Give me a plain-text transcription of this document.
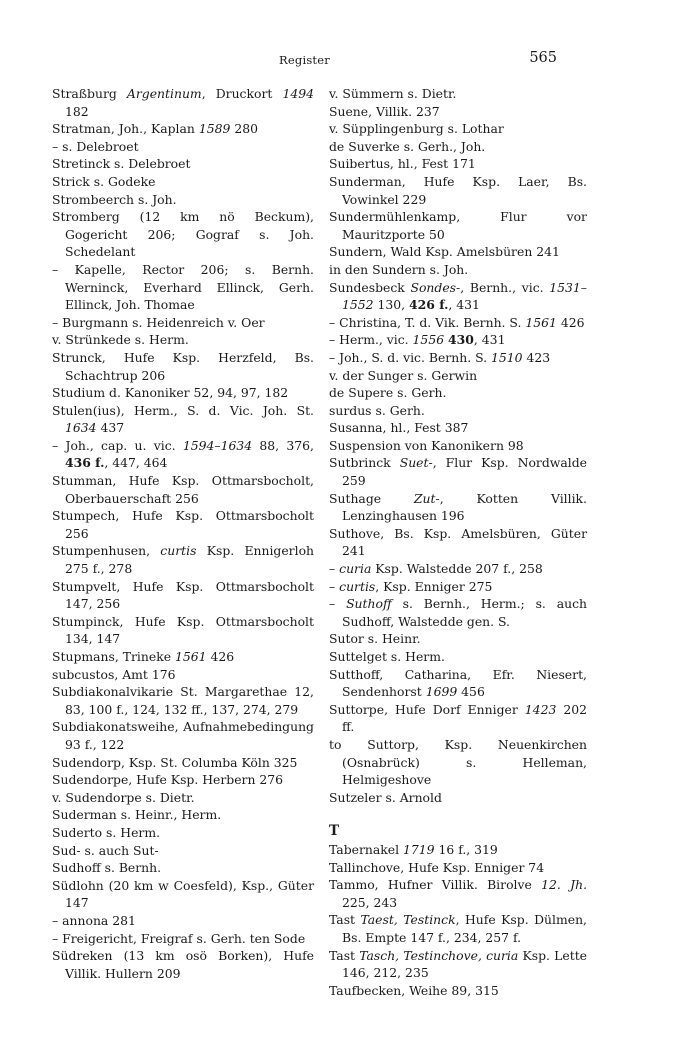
Register	565

Straßburg Argentinum, Druckort 1494 182

Stratman, Joh., Kaplan 1589 280

– s. Delebroet

Stretinck s. Delebroet

Strick s. Godeke

Strombeerch s. Joh.

Stromberg (12 km nö Beckum), Gogericht 206; Gograf s. Joh. Schedelant

– Kapelle, Rector 206; s. Bernh. Werninck, Everhard Ellinck, Gerh. Ellinck, Joh. Thomae

– Burgmann s. Heidenreich v. Oer

v. Strünkede s. Herm.

Strunck, Hufe Ksp. Herzfeld, Bs. Schachtrup 206

Studium d. Kanoniker 52, 94, 97, 182

Stulen(ius), Herm., S. d. Vic. Joh. St. 1634 437

– Joh., cap. u. vic. 1594–1634 88, 376, 436 f., 447, 464

Stumman, Hufe Ksp. Ottmarsbocholt, Oberbauerschaft 256

Stumpech, Hufe Ksp. Ottmarsbocholt 256

Stumpenhusen, curtis Ksp. Ennigerloh 275 f., 278

Stumpvelt, Hufe Ksp. Ottmarsbocholt 147, 256

Stumpinck, Hufe Ksp. Ottmarsbocholt 134, 147

Stupmans, Trineke 1561 426

subcustos, Amt 176

Subdiakonalvikarie St. Margarethae 12, 83, 100 f., 124, 132 ff., 137, 274, 279

Subdiakonatsweihe, Aufnahmebedingung 93 f., 122

Sudendorp, Ksp. St. Columba Köln 325

Sudendorpe, Hufe Ksp. Herbern 276

v. Sudendorpe s. Dietr.

Suderman s. Heinr., Herm.

Suderto s. Herm.

Sud- s. auch Sut-

Sudhoff s. Bernh.

Südlohn (20 km w Coesfeld), Ksp., Güter 147

– annona 281

– Freigericht, Freigraf s. Gerh. ten Sode

Südreken (13 km osö Borken), Hufe Villik. Hullern 209

v. Sümmern s. Dietr.

Suene, Villik. 237

v. Süpplingenburg s. Lothar

de Suverke s. Gerh., Joh.

Suibertus, hl., Fest 171

Sunderman, Hufe Ksp. Laer, Bs. Vowinkel 229

Sundermühlenkamp, Flur vor Mauritzporte 50

Sundern, Wald Ksp. Amelsbüren 241

in den Sundern s. Joh.

Sundesbeck Sondes-, Bernh., vic. 1531–1552 130, 426 f., 431

– Christina, T. d. Vik. Bernh. S. 1561 426

– Herm., vic. 1556 430, 431

– Joh., S. d. vic. Bernh. S. 1510 423

v. der Sunger s. Gerwin

de Supere s. Gerh.

surdus s. Gerh.

Susanna, hl., Fest 387

Suspension von Kanonikern 98

Sutbrinck Suet-, Flur Ksp. Nordwalde 259

Suthage Zut-, Kotten Villik. Lenzinghausen 196

Suthove, Bs. Ksp. Amelsbüren, Güter 241

– curia Ksp. Walstedde 207 f., 258

– curtis, Ksp. Enniger 275

– Suthoff s. Bernh., Herm.; s. auch Sudhoff, Walstedde gen. S.

Sutor s. Heinr.

Suttelget s. Herm.

Sutthoff, Catharina, Efr. Niesert, Sendenhorst 1699 456

Suttorpe, Hufe Dorf Enniger 1423 202 ff.

to Suttorp, Ksp. Neuenkirchen (Osnabrück) s. Helleman, Helmigeshove

Sutzeler s. Arnold

T

Tabernakel 1719 16 f., 319

Tallinchove, Hufe Ksp. Enniger 74

Tammo, Hufner Villik. Birolve 12. Jh. 225, 243

Tast Taest, Testinck, Hufe Ksp. Dülmen, Bs. Empte 147 f., 234, 257 f.

Tast Tasch, Testinchove, curia Ksp. Lette 146, 212, 235

Taufbecken, Weihe 89, 315
